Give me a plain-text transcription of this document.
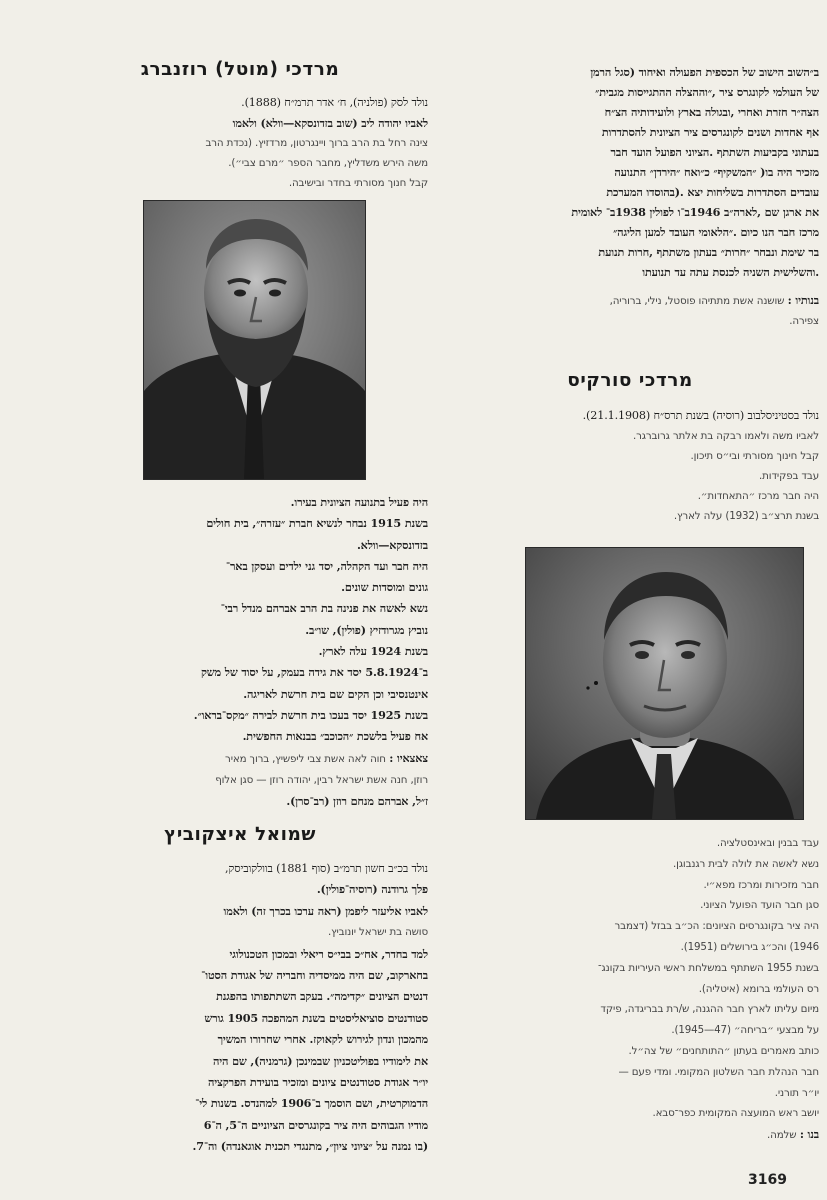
ב״השוב הישוב של הכספית הפעולה ואיחוד (סגל הרמן

של העולמי לקונגרס ציר ,״וההצלה ההתגייסות מגבית״

הצה״ר חזרת ואחרי ,ובגולה בארץ ולועידותיה הצ״ח

אף אחדות ושנים לקונגרסים ציר הציונית להסתדרות

בעתוני בקביעות השתתף .הציוני הפועל הועד חבר

מזכיר היה בו( ״המשקיף״ כ״ואח ״הירדן״ התנועה

עובדים הסתדרות בשליחות יצא .(בהוסדו המערכת

את ארגן שם ,לארה״ב 1946ב־ו לפולין 1938ב־ לאומית

מרכז חבר הנו כיום .״הלאומי העובד למען הליגה״

בר שימת ונבחר ״חרות״ בעתון משתתף ,חרות תנועת

.והשלישית השניה לכנסת עתה עד תנועתו

בנותיו : שושנה אשת מתתיהו פוסטל, נילי, ברוריה,

צפירה.

מרדכי סורקיס

נולד בסטיניסלבוב (רוסיה) בשנת תרס״ח (21.1.1908).

לאביו משה ולאמו רבקה בת אלתר גרוברגר.

קבל חינוך מסורתי ובי״ס תיכון.

עבד בפקידות.

היה חבר מרכז ״התאחדות״.

בשנת תרצ״ב (1932) עלה לארץ.

עבד בבנין ובאינסטלציה.

נשא לאשה את לולה לבית רגנבוגן.

חבר מזכירות ומרכז מפא״י.

סגן חבר הועד הפועל הציוני.

היה ציר בקונגרסים הציונים: הכ״ב בבזל (דצמבר

1946) והכ״ג בירושלים (1951).

בשנת 1955 השתתף במשלחת ראשי העיריות בקונג־

רס העולמי ברומא (איטליה).

מיום עליתו לארץ חבר ההגנה, ש/רת בבריגדה, פיקד

על מבצעי ״בריחה״ (47—1945).

כותב מאמרים בעתון ״התותחנים״ של צה״ל.

חבר הנהלת חבר השלטון המקומי. ומדי פעם —

יו״ר תורני.

יושב ראש המועצה המקומית כפר־סבא.

בנו : שלמה.

מרדכי (מוטל) רוזנברג

נולד לסק (פולניה), ח׳ אדר תרמ״ח (1888).

לאביו יהודה ליב (שוב בזדונסקא—וולא) ולאמו

צינה רחל בת הרב ברוך ויינגרטון, מרדזיץ. (נכדת הרב

משה הירש משדליץ, מחבר הספר ״מרם צבי״).

קבל חנוך מסורתי בחדר ובישיבה.

היה פעיל בתנועה הציונית בעירו.

בשנת 1915 נבחר לנשיא חברת ״עזרה״, בית חולים

בזדונסקא—וולא.

היה חבר ועד הקהלה, יסד גני ילדים ועסקן באר־

גונים ומוסדות שונים.

נשא לאשה את פנינה בת הרב אברהם מנדל רבי־

נוביץ מגרודזיץ (פולין), שו״ב.

בשנת 1924 עלה לארץ.

ב־5.8.1924 יסד את גידה בעמק, על יסוד של משק

אינטנסיבי וכן הקים שם בית חרשת לאריגה.

בשנת 1925 יסד בעכו בית חרשת לבירה ״מקס־בראו״.

אח פעיל בלשכת ״הכוכב״ בבנאות החפשית.

צאצאיו : חוה לאה אשת צבי ליפשיץ, ברוך מאיר

רוזן, חנה אשת ישראל רבין, יהודה רוזן — סגן אלוף

ז״ל, אברהם מנחם רוזן (רב־סרן).

שמואל איצקוביץ

נולד בכ״ב חשון תרמ״ב (סוף 1881) בוולקוביסק,

פלך גרודנה (רוסיה־פולין).

לאביו אליעזר ליפמן (ראה ערכו בכרך זה) ולאמו

סושה בת ישראל יונוביץ.

למד בחדר, אח״כ בבי״ס ריאלי ובמכון הטכנולוגי

בחארקוב, שם היה ממיסדיה וחבריה של אגודת הסטו־

דנטים הציונים ״קדימה״. בעקב השתתפותו בהפגנת

סטודנטים סוציאליסטים בשנת המהפכה 1905 גורש

מהמכון ונדון לגירוש לקאוקז. אחרי שחרורו המשיך

את לימודיו בפוליטכניון שבמינכן (גרמניה), שם היה

יו״ר אגודת סטודנטים ציונים ומזכיר בועידת הפרקציה

הדמוקרטית, ושם הוסמך ב־1906 למהנדס. בשנות לי־

מודיו הגבוהים היה ציר בקונגרסים הציוניים ה־5, ה־6

(בו נמנה על ״ציוני ציון״, מתנגדי תכנית אוגאנדה) וה־7.

3169
